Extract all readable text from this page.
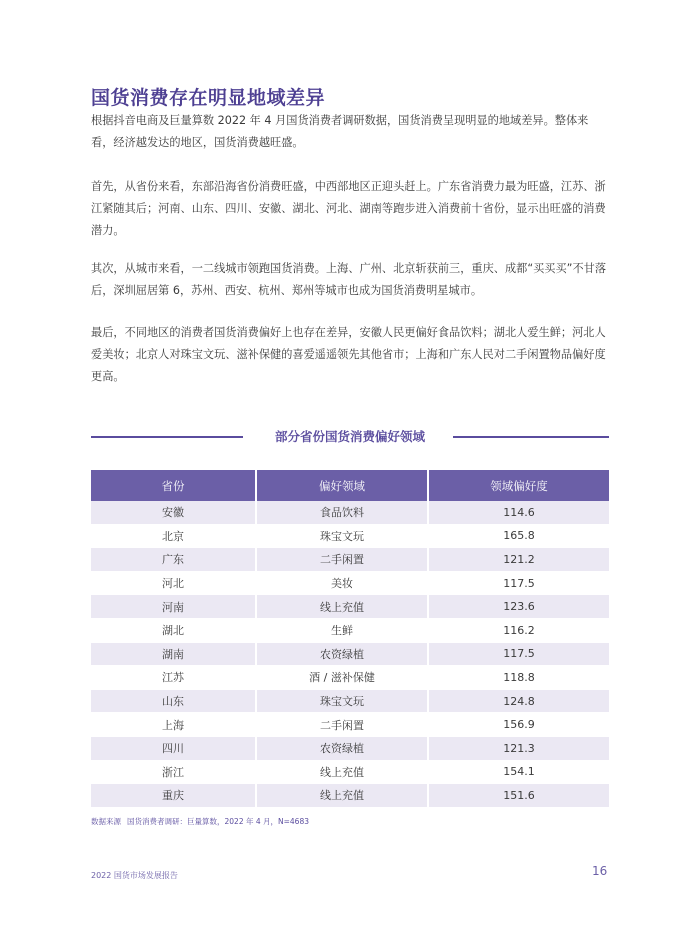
国货消费存在明显地域差异

根据抖音电商及巨量算数 2022 年 4 月国货消费者调研数据，国货消费呈现明显的地域差异。整体来看，经济越发达的地区，国货消费越旺盛。

首先，从省份来看，东部沿海省份消费旺盛，中西部地区正迎头赶上。广东省消费力最为旺盛，江苏、浙江紧随其后；河南、山东、四川、安徽、湖北、河北、湖南等跑步进入消费前十省份，显示出旺盛的消费潜力。

其次，从城市来看，一二线城市领跑国货消费。上海、广州、北京斩获前三，重庆、成都“买买买”不甘落后，深圳屈居第 6，苏州、西安、杭州、郑州等城市也成为国货消费明星城市。

最后，不同地区的消费者国货消费偏好上也存在差异，安徽人民更偏好食品饮料；湖北人爱生鲜；河北人爱美妆；北京人对珠宝文玩、滋补保健的喜爱遥遥领先其他省市；上海和广东人民对二手闲置物品偏好度更高。

部分省份国货消费偏好领域
省份	偏好领域	领域偏好度
安徽	食品饮料	114.6
北京	珠宝文玩	165.8
广东	二手闲置	121.2
河北	美妆	117.5
河南	线上充值	123.6
湖北	生鲜	116.2
湖南	农资绿植	117.5
江苏	酒 / 滋补保健	118.8
山东	珠宝文玩	124.8
上海	二手闲置	156.9
四川	农资绿植	121.3
浙江	线上充值	154.1
重庆	线上充值	151.6
数据来源 国货消费者调研：巨量算数，2022 年 4 月，N=4683
2022 国货市场发展报告	16
